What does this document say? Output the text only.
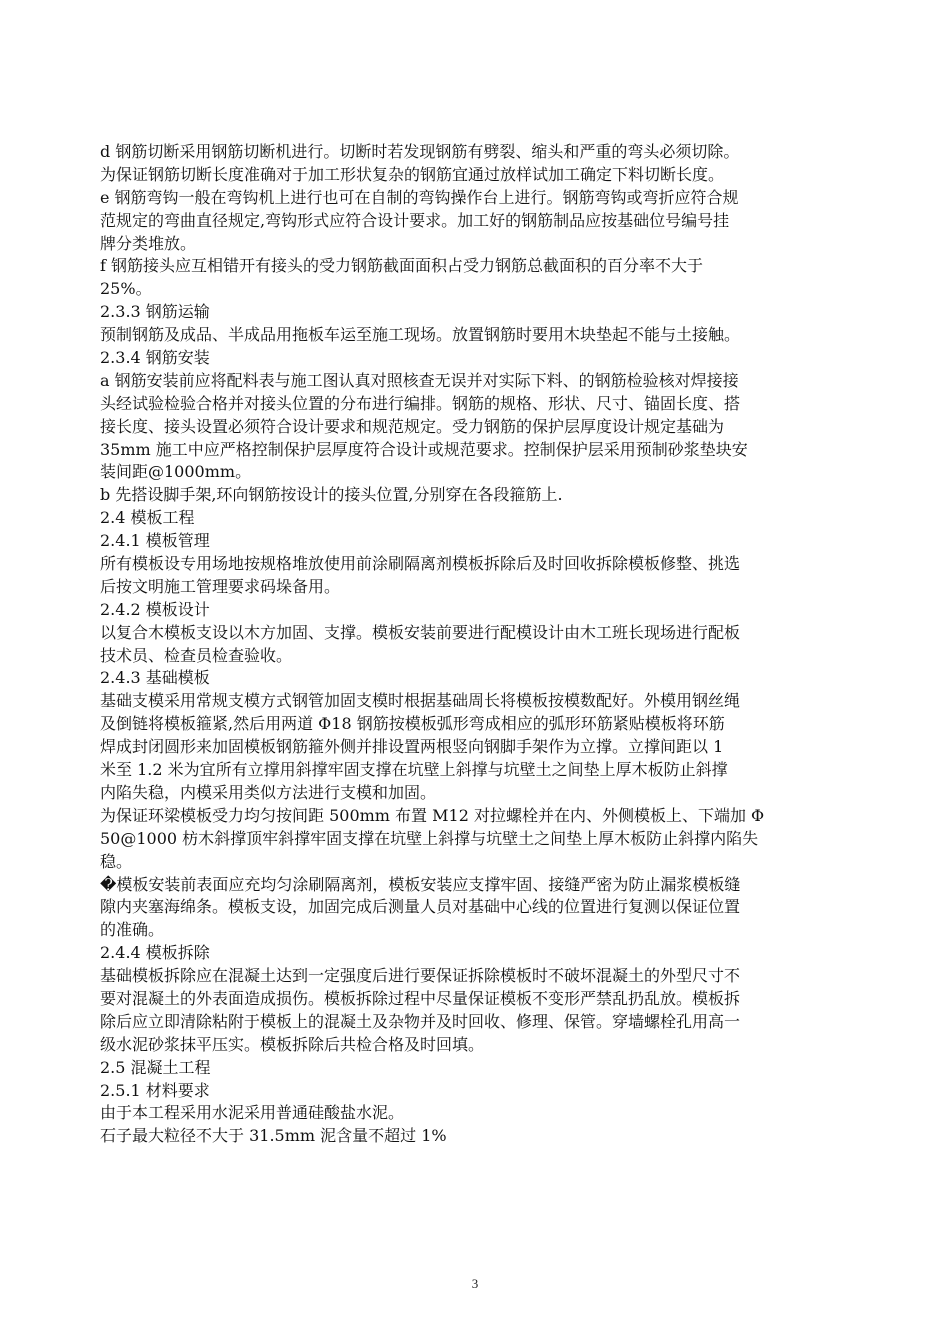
d 钢筋切断采用钢筋切断机进行。切断时若发现钢筋有劈裂、缩头和严重的弯头必须切除。
为保证钢筋切断长度准确对于加工形状复杂的钢筋宜通过放样试加工确定下料切断长度。
e 钢筋弯钩一般在弯钩机上进行也可在自制的弯钩操作台上进行。钢筋弯钩或弯折应符合规
范规定的弯曲直径规定,弯钩形式应符合设计要求。加工好的钢筋制品应按基础位号编号挂
牌分类堆放。
f 钢筋接头应互相错开有接头的受力钢筋截面面积占受力钢筋总截面积的百分率不大于
25%。
2.3.3 钢筋运输
预制钢筋及成品、半成品用拖板车运至施工现场。放置钢筋时要用木块垫起不能与土接触。
2.3.4 钢筋安装
a 钢筋安装前应将配料表与施工图认真对照核查无误并对实际下料、的钢筋检验核对焊接接
头经试验检验合格并对接头位置的分布进行编排。钢筋的规格、形状、尺寸、锚固长度、搭
接长度、接头设置必须符合设计要求和规范规定。受力钢筋的保护层厚度设计规定基础为
35mm 施工中应严格控制保护层厚度符合设计或规范要求。控制保护层采用预制砂浆垫块安
装间距@1000mm。
b 先搭设脚手架,环向钢筋按设计的接头位置,分别穿在各段箍筋上.
2.4 模板工程
2.4.1 模板管理
所有模板设专用场地按规格堆放使用前涂刷隔离剂模板拆除后及时回收拆除模板修整、挑选
后按文明施工管理要求码垛备用。
2.4.2 模板设计
以复合木模板支设以木方加固、支撑。模板安装前要进行配模设计由木工班长现场进行配板
技术员、检查员检查验收。
2.4.3 基础模板
基础支模采用常规支模方式钢管加固支模时根据基础周长将模板按模数配好。外模用钢丝绳
及倒链将模板箍紧,然后用两道 Φ18 钢筋按模板弧形弯成相应的弧形环筋紧贴模板将环筋
焊成封闭圆形来加固模板钢筋箍外侧并排设置两根竖向钢脚手架作为立撑。立撑间距以 1
米至 1.2 米为宜所有立撑用斜撑牢固支撑在坑壁上斜撑与坑壁土之间垫上厚木板防止斜撑
内陷失稳，内模采用类似方法进行支模和加固。
为保证环梁模板受力均匀按间距 500mm 布置 M12 对拉螺栓并在内、外侧模板上、下端加 Φ
50@1000 枋木斜撑顶牢斜撑牢固支撑在坑壁上斜撑与坑壁土之间垫上厚木板防止斜撑内陷失
稳。
�模板安装前表面应充均匀涂刷隔离剂，模板安装应支撑牢固、接缝严密为防止漏浆模板缝
隙内夹塞海绵条。模板支设，加固完成后测量人员对基础中心线的位置进行复测以保证位置
的准确。
2.4.4 模板拆除
基础模板拆除应在混凝土达到一定强度后进行要保证拆除模板时不破坏混凝土的外型尺寸不
要对混凝土的外表面造成损伤。模板拆除过程中尽量保证模板不变形严禁乱扔乱放。模板拆
除后应立即清除粘附于模板上的混凝土及杂物并及时回收、修理、保管。穿墙螺栓孔用高一
级水泥砂浆抹平压实。模板拆除后共检合格及时回填。
2.5 混凝土工程
2.5.1 材料要求
由于本工程采用水泥采用普通硅酸盐水泥。
石子最大粒径不大于 31.5mm 泥含量不超过 1%
3
